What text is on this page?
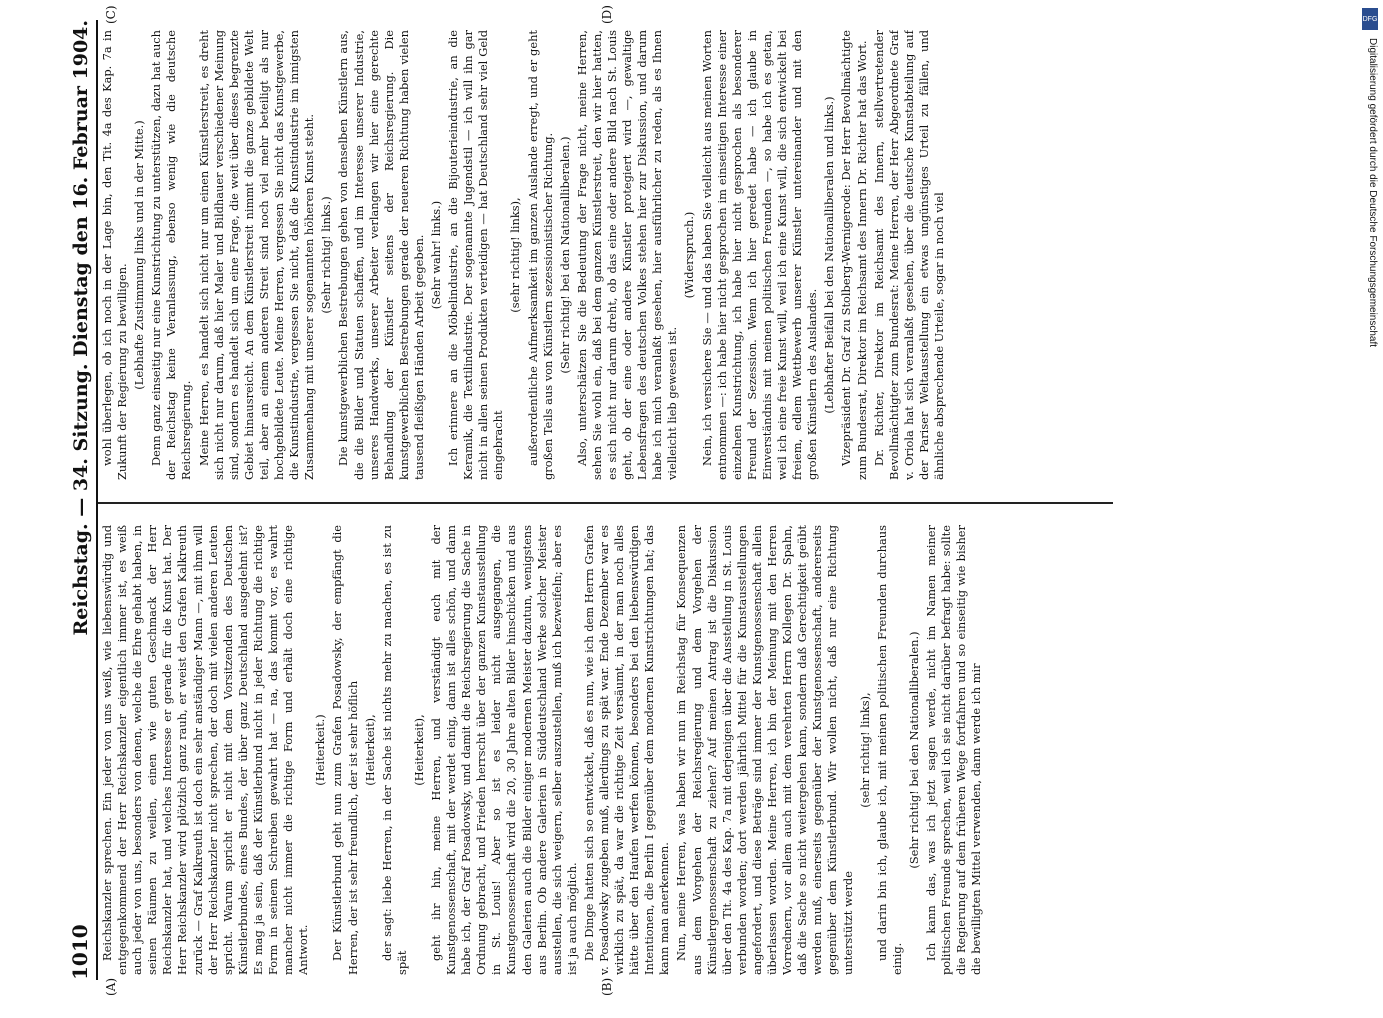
1010
Reichstag. — 34. Sitzung. Dienstag den 16. Februar 1904.
(A)	(B)
(C)	(D)

Reichskanzler sprechen. Ein jeder von uns weiß, wie liebenswürdig und entgegenkommend der Herr Reichskanzler eigentlich immer ist, es weiß auch jeder von uns, besonders von denen, welche die Ehre gehabt haben, in seinen Räumen zu weilen, einen wie guten Geschmack der Herr Reichskanzler hat, und welches Interesse er gerade für die Kunst hat. Der Herr Reichskanzler wird plötzlich ganz rauh, er weist den Grafen Kalkreuth zurück — Graf Kalkreuth ist doch ein sehr anständiger Mann —, mit ihm will der Herr Reichskanzler nicht sprechen, der doch mit vielen anderen Leuten spricht. Warum spricht er nicht mit dem Vorsitzenden des Deutschen Künstlerbundes, eines Bundes, der über ganz Deutschland ausgedehnt ist? Es mag ja sein, daß der Künstlerbund nicht in jeder Richtung die richtige Form in seinem Schreiben gewahrt hat — na, das kommt vor, es wahrt mancher nicht immer die richtige Form und erhält doch eine richtige Antwort.

(Heiterkeit.) Der Künstlerbund geht nun zum Grafen Posadowsky, der empfängt die Herren, der ist sehr freundlich, der ist sehr höflich (Heiterkeit), der sagt: liebe Herren, in der Sache ist nichts mehr zu machen, es ist zu spät

(Heiterkeit), geht ihr hin, meine Herren, und verständigt euch mit der Kunstgenossenschaft, mit der werdet einig, dann ist alles schön, und dann habe ich, der Graf Posadowsky, und damit die Reichsregierung die Sache in Ordnung gebracht, und Frieden herrscht über der ganzen Kunstausstellung in St. Louis! Aber so ist es leider nicht ausgegangen, die Kunstgenossenschaft wird die 20, 30 Jahre alten Bilder hinschicken und aus den Galerien auch die Bilder einiger modernen Meister dazutun, wenigstens aus Berlin. Ob andere Galerien in Süddeutschland Werke solcher Meister ausstellen, die sich weigern, selber auszustellen, muß ich bezweifeln; aber es ist ja auch möglich. Die Dinge hatten sich so entwickelt, daß es nun, wie ich dem Herrn Grafen v. Posadowsky zugeben muß, allerdings zu spät war. Ende Dezember war es wirklich zu spät, da war die richtige Zeit versäumt, in der man noch alles hätte über den Haufen werfen können, besonders bei den liebenswürdigen Intentionen, die Berlin I gegenüber dem modernen Kunstrichtungen hat; das kann man anerkennen. Nun, meine Herren, was haben wir nun im Reichstag für Konsequenzen aus dem Vorgehen der Reichsregierung und dem Vorgehen der Künstlergenossenschaft zu ziehen? Auf meinen Antrag ist die Diskussion über den Tit. 4a des Kap. 7a mit derjenigen über die Ausstellung in St. Louis verbunden worden; dort werden jährlich Mittel für die Kunstausstellungen angefordert, und diese Beträge sind immer der Kunstgenossenschaft allein überlassen worden. Meine Herren, ich bin der Meinung mit den Herren Vorrednern, vor allem auch mit dem verehrten Herrn Kollegen Dr. Spahn, daß die Sache so nicht weitergehen kann, sondern daß Gerechtigkeit geübt werden muß, einerseits gegenüber der Kunstgenossenschaft, andererseits gegenüber dem Künstlerbund. Wir wollen nicht, daß nur eine Richtung unterstützt werde

(sehr richtig! links), und darin bin ich, glaube ich, mit meinen politischen Freunden durchaus einig.

(Sehr richtig! bei den Nationalliberalen.) Ich kann das, was ich jetzt sagen werde, nicht im Namen meiner politischen Freunde sprechen, weil ich sie nicht darüber befragt habe: sollte die Regierung auf dem früheren Wege fortfahren und so einseitig wie bisher die bewilligten Mittel verwenden, dann werde ich mir

wohl überlegen, ob ich noch in der Lage bin, den Tit. 4a des Kap. 7a in Zukunft der Regierung zu bewilligen. (Lebhafte Zustimmung links und in der Mitte.) Denn ganz einseitig nur eine Kunstrichtung zu unterstützen, dazu hat auch der Reichstag keine Veranlassung, ebenso wenig wie die deutsche Reichsregierung. Meine Herren, es handelt sich nicht nur um einen Künstlerstreit, es dreht sich nicht nur darum, daß hier Maler und Bildhauer verschiedener Meinung sind, sondern es handelt sich um eine Frage, die weit über dieses begrenzte Gebiet hinausreicht. An dem Künstlerstreit nimmt die ganze gebildete Welt teil, aber an einem anderen Streit sind noch viel mehr beteiligt als nur hochgebildete Leute. Meine Herren, vergessen Sie nicht das Kunstgewerbe, die Kunstindustrie, vergessen Sie nicht, daß die Kunstindustrie im innigsten Zusammenhang mit unserer sogenannten höheren Kunst steht. (Sehr richtig! links.) Die kunstgewerblichen Bestrebungen gehen von denselben Künstlern aus, die die Bilder und Statuen schaffen, und im Interesse unserer Industrie, unseres Handwerks, unserer Arbeiter verlangen wir hier eine gerechte Behandlung der Künstler seitens der Reichsregierung. Die kunstgewerblichen Bestrebungen gerade der neueren Richtung haben vielen tausend fleißigen Händen Arbeit gegeben. (Sehr wahr! links.) Ich erinnere an die Möbelindustrie, an die Bijouterieindustrie, an die Keramik, die Textilindustrie. Der sogenannte Jugendstil — ich will ihn gar nicht in allen seinen Produkten verteidigen — hat Deutschland sehr viel Geld eingebracht

(sehr richtig! links), außerordentliche Aufmerksamkeit im ganzen Auslande erregt, und er geht großen Teils aus von Künstlern sezessionistischer Richtung. (Sehr richtig! bei den Nationalliberalen.) Also, unterschätzen Sie die Bedeutung der Frage nicht, meine Herren, sehen Sie wohl ein, daß bei dem ganzen Künstlerstreit, den wir hier hatten, es sich nicht nur darum dreht, ob das eine oder andere Bild nach St. Louis geht, ob der eine oder andere Künstler protegiert wird —, gewaltige Lebensfragen des deutschen Volkes stehen hier zur Diskussion, und darum habe ich mich veranlaßt gesehen, hier ausführlicher zu reden, als es Ihnen vielleicht lieb gewesen ist.

(Widerspruch.) Nein, ich versichere Sie — und das haben Sie vielleicht aus meinen Worten entnommen —: ich habe hier nicht gesprochen im einseitigen Interesse einer einzelnen Kunstrichtung, ich habe hier nicht gesprochen als besonderer Freund der Sezession. Wenn ich hier geredet habe — ich glaube in Einverständnis mit meinen politischen Freunden —, so habe ich es getan, weil ich eine freie Kunst will, weil ich eine Kunst will, die sich entwickelt bei freiem, edlem Wettbewerb unserer Künstler untereinander und mit den großen Künstlern des Auslandes. (Lebhafter Beifall bei den Nationalliberalen und links.) Vizepräsident Dr. Graf zu Stolberg-Wernigerode: Der Herr Bevollmächtigte zum Bundesrat, Direktor im Reichsamt des Innern Dr. Richter hat das Wort. Dr. Richter, Direktor im Reichsamt des Innern, stellvertretender Bevollmächtigter zum Bundesrat: Meine Herren, der Herr Abgeordnete Graf v. Oriola hat sich veranlaßt gesehen, über die deutsche Kunstabteilung auf der Pariser Weltausstellung ein etwas ungünstiges Urteil zu fällen, und ähnliche absprechende Urteile, sogar in noch viel

DFG
Digitalisierung gefördert durch die Deutsche Forschungsgemeinschaft
